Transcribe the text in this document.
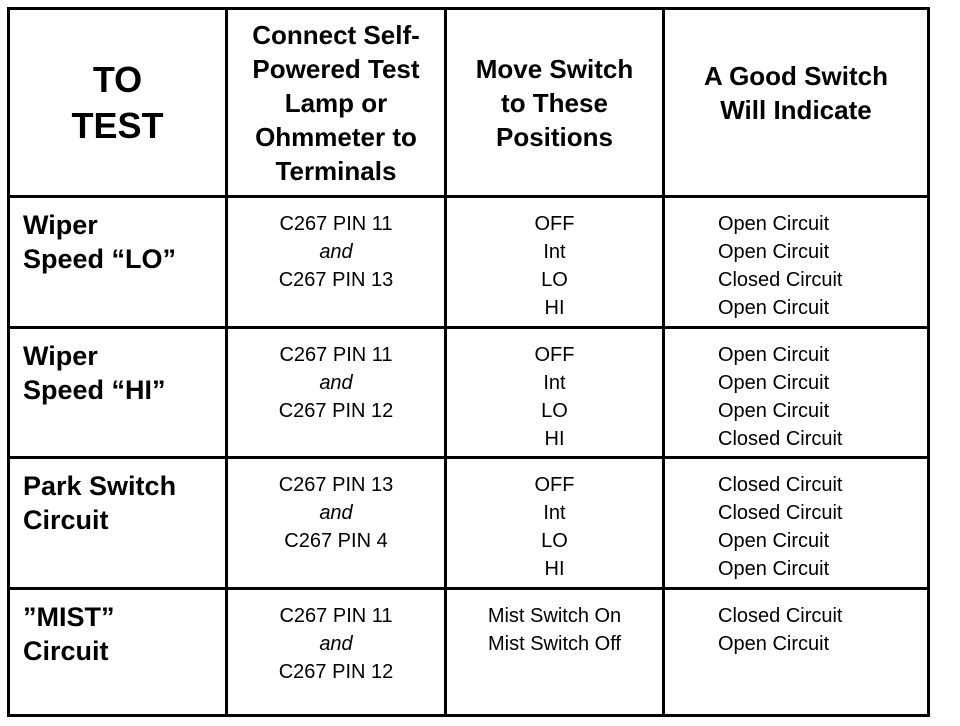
TO
TEST
Connect Self-
Powered Test
Lamp or
Ohmmeter to
Terminals
Move Switch
to These
Positions
A Good Switch
Will Indicate
Wiper
Speed “LO”
C267 PIN 11
and
C267 PIN 13
OFF
Int
LO
HI
Open Circuit
Open Circuit
Closed Circuit
Open Circuit
Wiper
Speed “HI”
C267 PIN 11
and
C267 PIN 12
OFF
Int
LO
HI
Open Circuit
Open Circuit
Open Circuit
Closed Circuit
Park Switch
Circuit
C267 PIN 13
and
C267 PIN 4
OFF
Int
LO
HI
Closed Circuit
Closed Circuit
Open Circuit
Open Circuit
”MIST”
Circuit
C267 PIN 11
and
C267 PIN 12
Mist Switch On
Mist Switch Off
Closed Circuit
Open Circuit
